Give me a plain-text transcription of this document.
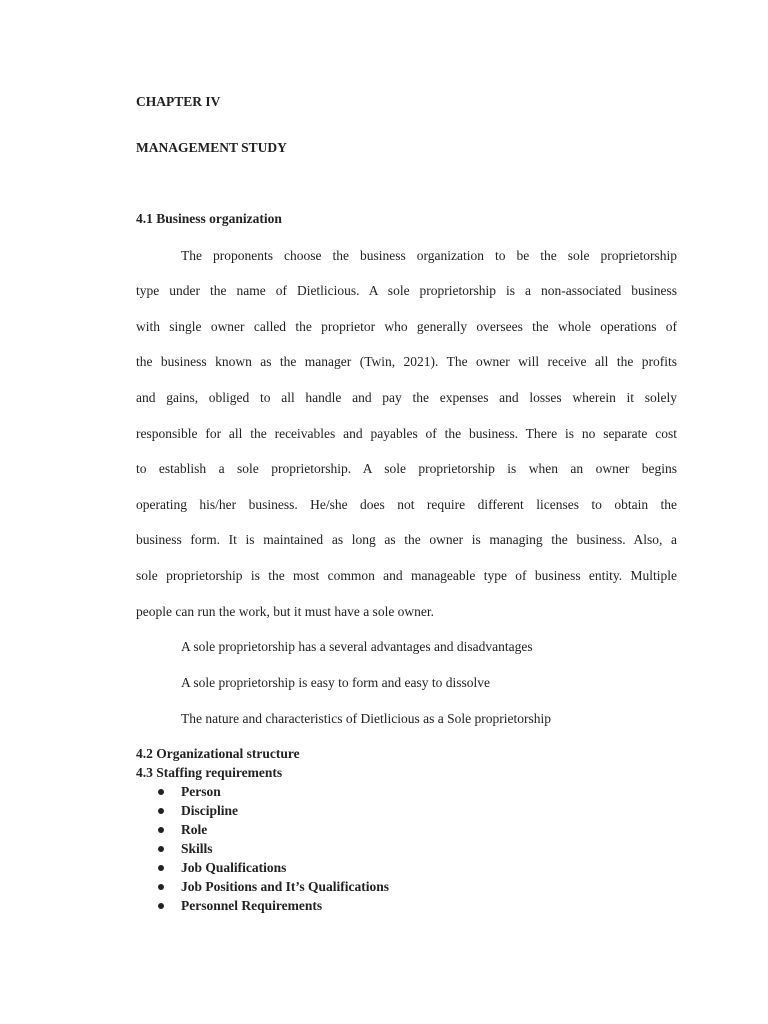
CHAPTER IV
MANAGEMENT STUDY
4.1 Business organization
The proponents choose the business organization to be the sole proprietorship
type under the name of Dietlicious. A sole proprietorship is a non-associated business
with single owner called the proprietor who generally oversees the whole operations of
the business known as the manager (Twin, 2021). The owner will receive all the profits
and gains, obliged to all handle and pay the expenses and losses wherein it solely
responsible for all the receivables and payables of the business. There is no separate cost
to establish a sole proprietorship. A sole proprietorship is when an owner begins
operating his/her business. He/she does not require different licenses to obtain the
business form. It is maintained as long as the owner is managing the business. Also, a
sole proprietorship is the most common and manageable type of business entity. Multiple
people can run the work, but it must have a sole owner.
A sole proprietorship has a several advantages and disadvantages
A sole proprietorship is easy to form and easy to dissolve
The nature and characteristics of Dietlicious as a Sole proprietorship
4.2 Organizational structure
4.3 Staffing requirements
Person
Discipline
Role
Skills
Job Qualifications
Job Positions and It’s Qualifications
Personnel Requirements
